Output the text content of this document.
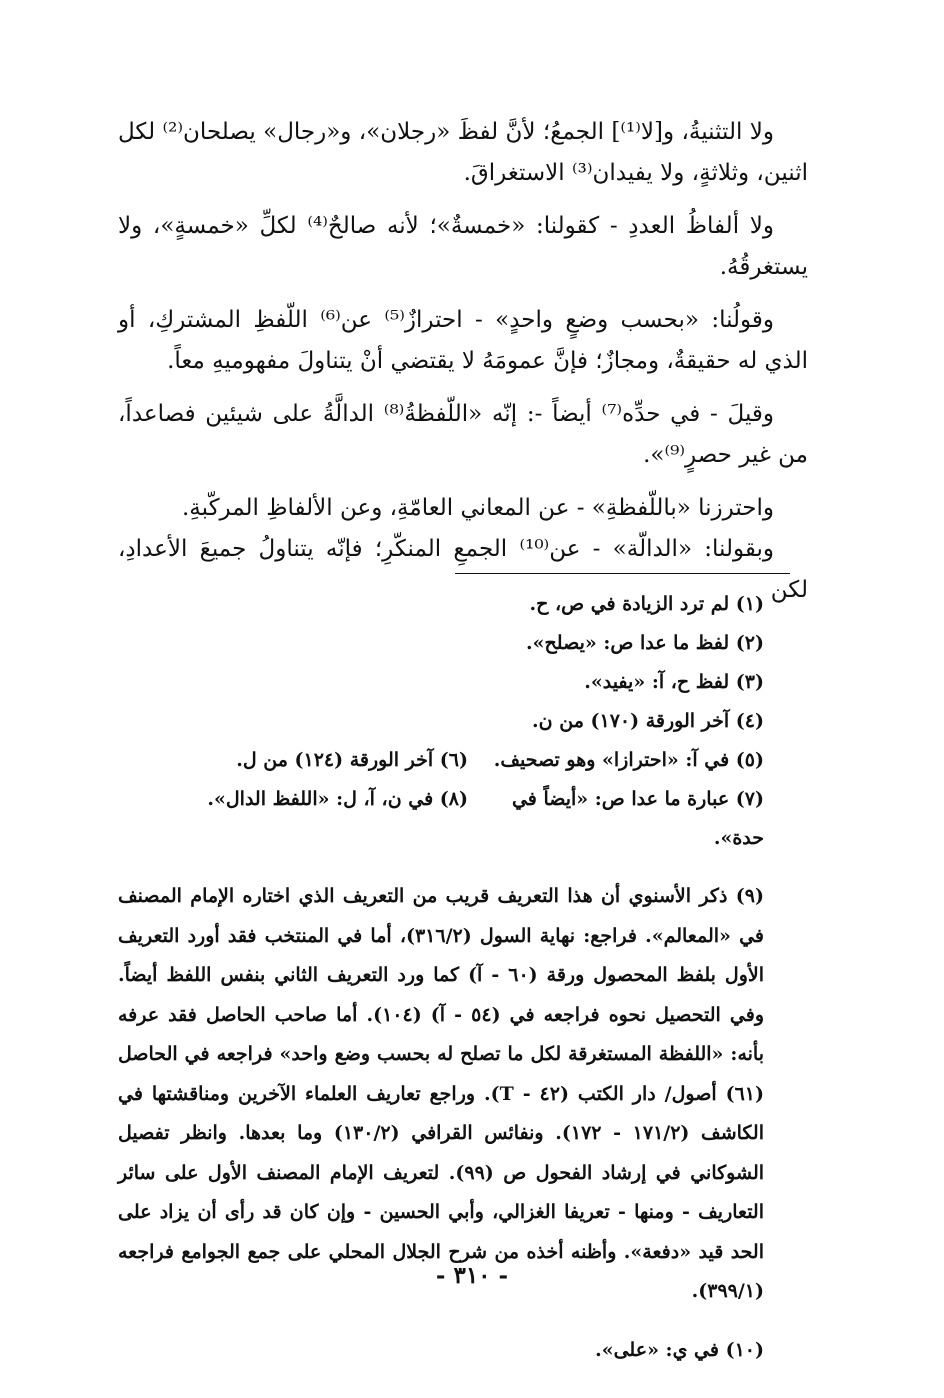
ولا التثنيةُ، و[لا⁽¹⁾] الجمعُ؛ لأنَّ لفظَ «رجلان»، و«رجال» يصلحان⁽²⁾ لكل اثنين، وثلاثةٍ، ولا يفيدان⁽³⁾ الاستغراقَ.

ولا ألفاظُ العددِ - كقولنا: «خمسةٌ»؛ لأنه صالحٌ⁽⁴⁾ لكلِّ «خمسةٍ»، ولا يستغرقُهُ.

وقولُنا: «بحسب وضعٍ واحدٍ» - احترازٌ⁽⁵⁾ عن⁽⁶⁾ اللّفظِ المشتركِ، أو الذي له حقيقةٌ، ومجازٌ؛ فإنَّ عمومَهُ لا يقتضي أنْ يتناولَ مفهوميهِ معاً.

وقيلَ - في حدِّه⁽⁷⁾ أيضاً -: إنّه «اللّفظةُ⁽⁸⁾ الدالَّةُ على شيئين فصاعداً، من غير حصرٍ⁽⁹⁾».

واحترزنا «باللّفظةِ» - عن المعاني العامّةِ، وعن الألفاظِ المركّبةِ.

وبقولنا: «الدالّة» - عن⁽¹⁰⁾ الجمعِ المنكّرِ؛ فإنّه يتناولُ جميعَ الأعدادِ، لكن

(١) لم ترد الزيادة في ص، ح.

(٢) لفظ ما عدا ص: «يصلح».

(٣) لفظ ح، آ: «يفيد».

(٤) آخر الورقة (١٧٠) من ن.

(٥) في آ: «احترازا» وهو تصحيف.
(٦) آخر الورقة (١٢٤) من ل.
(٧) عبارة ما عدا ص: «أيضاً في حدة».
(٨) في ن، آ، ل: «اللفظ الدال».

(٩) ذكر الأسنوي أن هذا التعريف قريب من التعريف الذي اختاره الإمام المصنف في «المعالم». فراجع: نهاية السول (٣١٦/٢)، أما في المنتخب فقد أورد التعريف الأول بلفظ المحصول ورقة (٦٠ - آ) كما ورد التعريف الثاني بنفس اللفظ أيضاً. وفي التحصيل نحوه فراجعه في (٥٤ - آ) (١٠٤). أما صاحب الحاصل فقد عرفه بأنه: «اللفظة المستغرقة لكل ما تصلح له بحسب وضع واحد» فراجعه في الحاصل (٦١) أصول/ دار الكتب (٤٢ - T). وراجع تعاريف العلماء الآخرين ومناقشتها في الكاشف (١٧١/٢ - ١٧٢). ونفائس القرافي (١٣٠/٢) وما بعدها. وانظر تفصيل الشوكاني في إرشاد الفحول ص (٩٩). لتعريف الإمام المصنف الأول على سائر التعاريف - ومنها - تعريفا الغزالي، وأبي الحسين - وإن كان قد رأى أن يزاد على الحد قيد «دفعة». وأظنه أخذه من شرح الجلال المحلي على جمع الجوامع فراجعه (٣٩٩/١).

(١٠) في ي: «على».

- ٣١٠ -
